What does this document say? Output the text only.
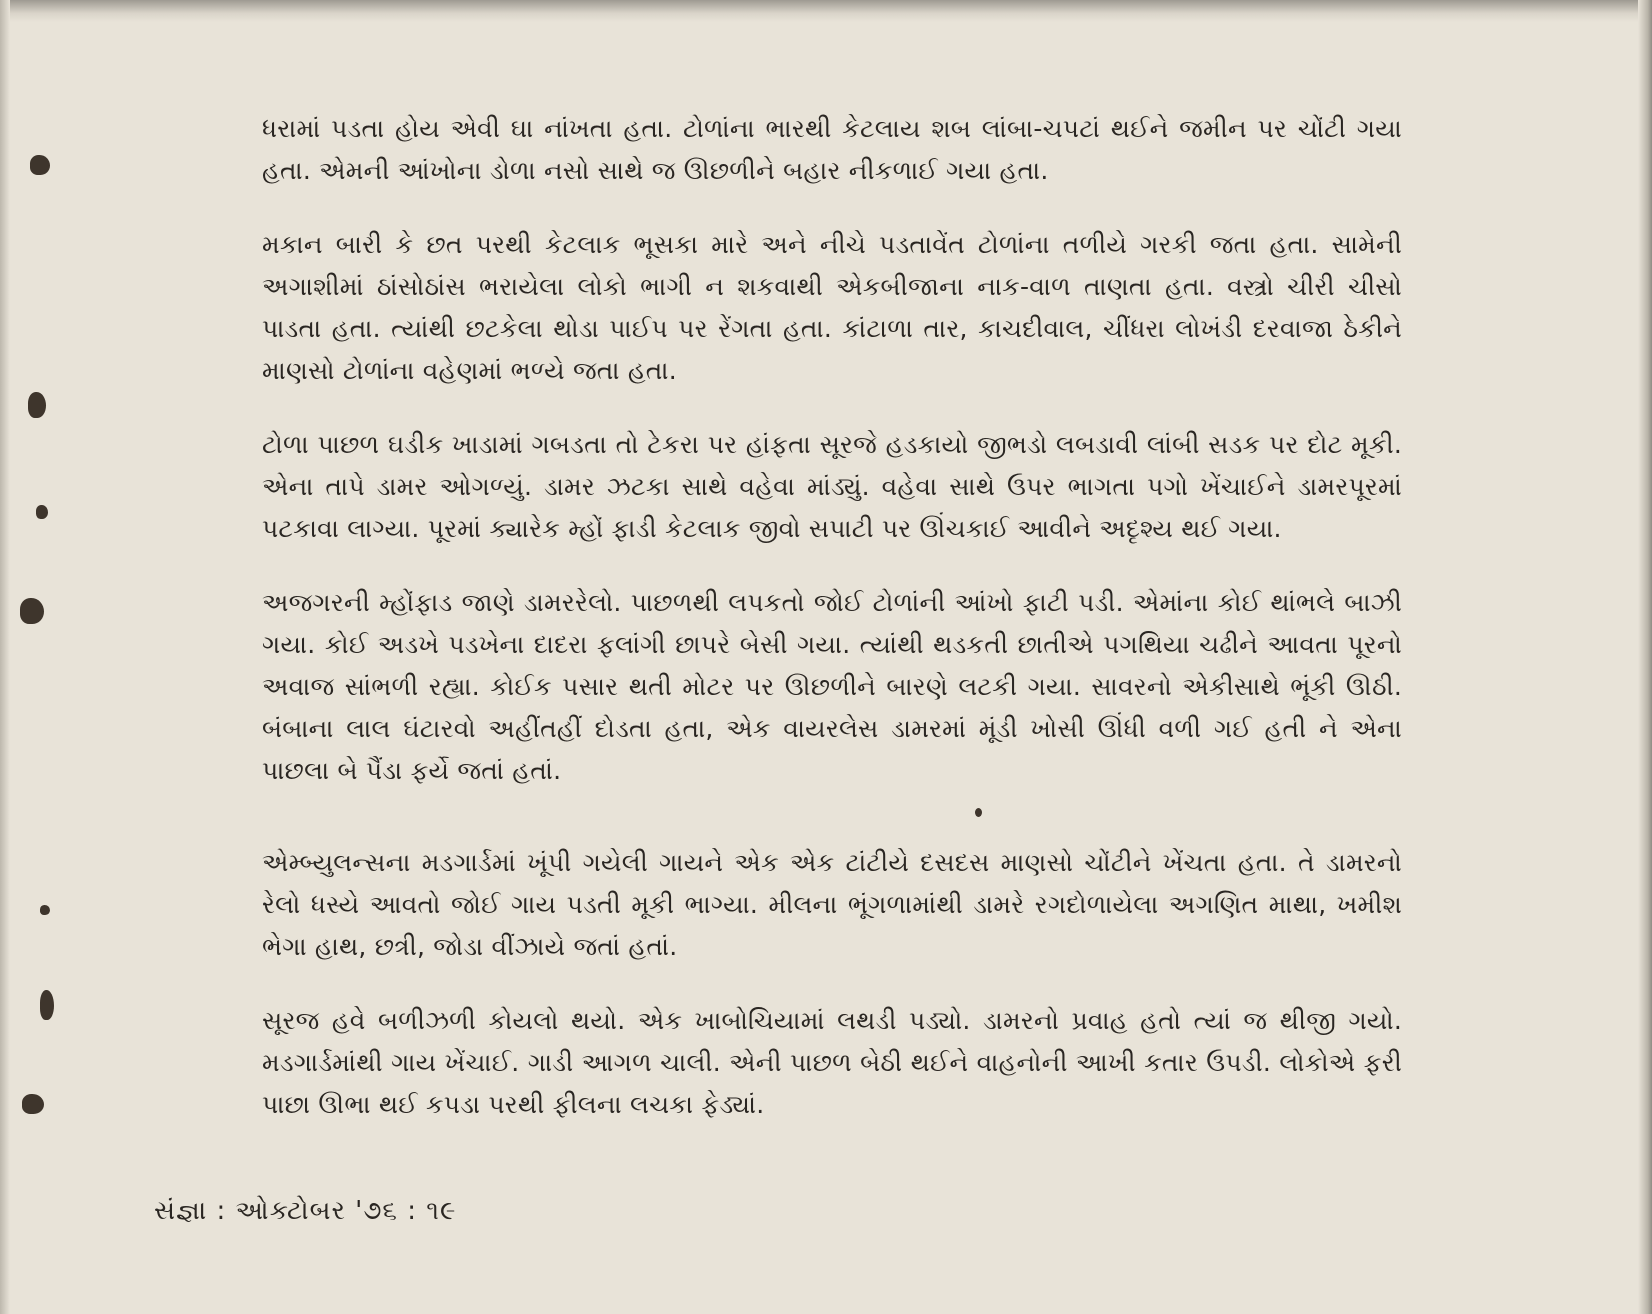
ધરામાં પડતા હોય એવી ઘા નાંખતા હતા. ટોળાંના ભારથી કેટલાય શબ લાંબા-ચપટાં થઈને જમીન પર ચોંટી ગયા હતા. એમની આંખોના ડોળા નસો સાથે જ ઊછળીને બહાર નીકળાઈ ગયા હતા.

મકાન બારી કે છત પરથી કેટલાક ભૂસકા મારે અને નીચે પડતાવેંત ટોળાંના તળીયે ગરકી જતા હતા. સામેની અગાશીમાં ઠાંસોઠાંસ ભરાયેલા લોકો ભાગી ન શકવાથી એકબીજાના નાક-વાળ તાણતા હતા. વસ્ત્રો ચીરી ચીસો પાડતા હતા. ત્યાંથી છટકેલા થોડા પાઈપ પર રેંગતા હતા. કાંટાળા તાર, કાચદીવાલ, ચીંધરા લોખંડી દરવાજા ઠેકીને માણસો ટોળાંના વહેણમાં ભળ્યે જતા હતા.

ટોળા પાછળ ઘડીક ખાડામાં ગબડતા તો ટેકરા પર હાંફતા સૂરજે હડકાયો જીભડો લબડાવી લાંબી સડક પર દોટ મૂકી. એના તાપે ડામર ઓગળ્યું. ડામર ઝટકા સાથે વહેવા માંડ્યું. વહેવા સાથે ઉપર ભાગતા પગો ખેંચાઈને ડામરપૂરમાં પટકાવા લાગ્યા. પૂરમાં ક્યારેક મ્હોં ફાડી કેટલાક જીવો સપાટી પર ઊંચકાઈ આવીને અદૃશ્ય થઈ ગયા.

અજગરની મ્હોંફાડ જાણે ડામરરેલો. પાછળથી લપકતો જોઈ ટોળાંની આંખો ફાટી પડી. એમાંના કોઈ થાંભલે બાઝી ગયા. કોઈ અડખે પડખેના દાદરા ફલાંગી છાપરે બેસી ગયા. ત્યાંથી થડકતી છાતીએ પગથિયા ચઢીને આવતા પૂરનો અવાજ સાંભળી રહ્યા. કોઈક પસાર થતી મોટર પર ઊછળીને બારણે લટકી ગયા. સાવરનો એકીસાથે ભૂંકી ઊઠી. બંબાના લાલ ઘંટારવો અહીંતહીં દોડતા હતા, એક વાયરલેસ ડામરમાં મૂંડી ખોસી ઊંધી વળી ગઈ હતી ને એના પાછલા બે પૈંડા ફર્યે જતાં હતાં.

એમ્બ્યુલન્સના મડગાર્ડમાં ખૂંપી ગયેલી ગાયને એક એક ટાંટીયે દસદસ માણસો ચોંટીને ખેંચતા હતા. તે ડામરનો રેલો ધસ્યે આવતો જોઈ ગાય પડતી મૂકી ભાગ્યા. મીલના ભૂંગળામાંથી ડામરે રગદોળાયેલા અગણિત માથા, ખમીશ ભેગા હાથ, છત્રી, જોડા વીંઝાયે જતાં હતાં.

સૂરજ હવે બળીઝળી કોયલો થયો. એક ખાબોચિયામાં લથડી પડ્યો. ડામરનો પ્રવાહ હતો ત્યાં જ થીજી ગયો. મડગાર્ડમાંથી ગાય ખેંચાઈ. ગાડી આગળ ચાલી. એની પાછળ બેઠી થઈને વાહનોની આખી કતાર ઉપડી. લોકોએ ફરી પાછા ઊભા થઈ કપડા પરથી ફીલના લચકા ફેડ્યાં.

સંજ્ઞા : ઓક્ટોબર '૭૬ : ૧૯
